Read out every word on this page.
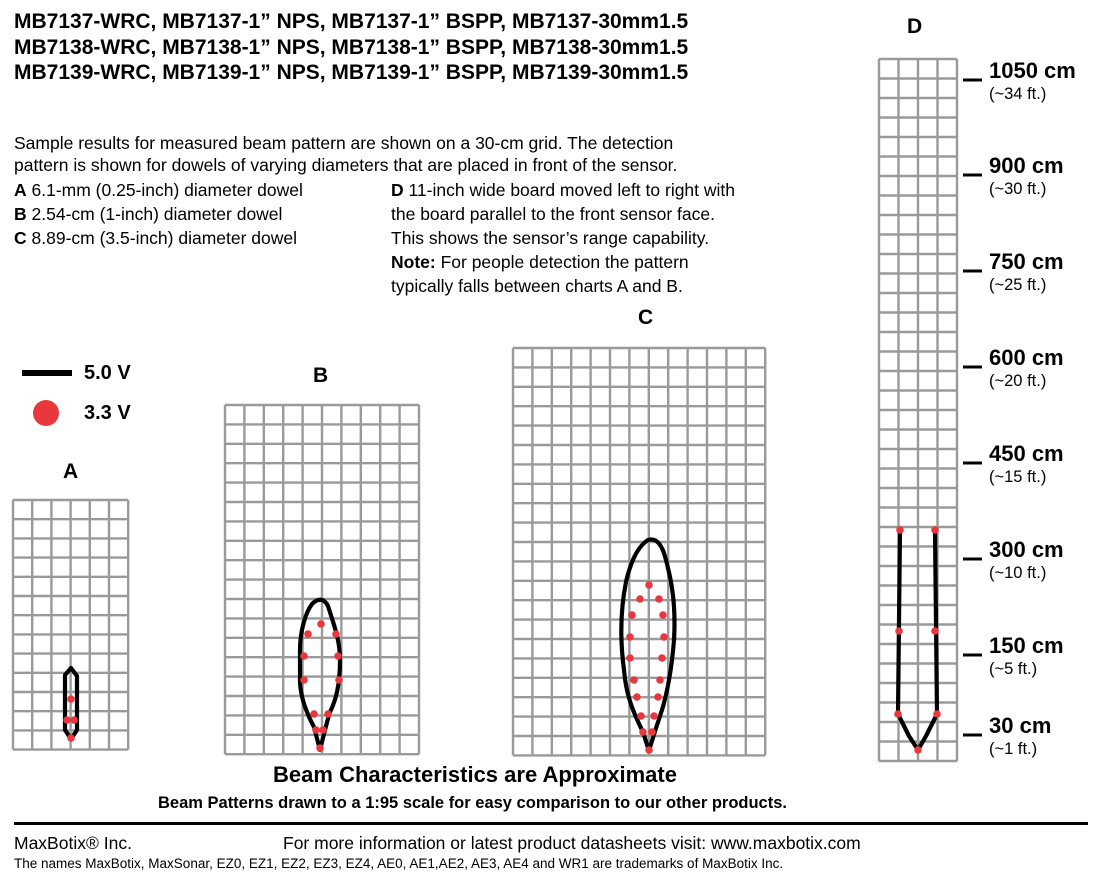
MB7137-WRC, MB7137-1” NPS, MB7137-1” BSPP, MB7137-30mm1.5
MB7138-WRC, MB7138-1” NPS, MB7138-1” BSPP, MB7138-30mm1.5
MB7139-WRC, MB7139-1” NPS, MB7139-1” BSPP, MB7139-30mm1.5
Sample results for measured beam pattern are shown on a 30-cm grid. The detection
pattern is shown for dowels of varying diameters that are placed in front of the sensor.
A 6.1-mm (0.25-inch) diameter dowel
B 2.54-cm (1-inch) diameter dowel
C 8.89-cm (3.5-inch) diameter dowel
D 11-inch wide board moved left to right with
the board parallel to the front sensor face.
This shows the sensor’s range capability.
Note: For people detection the pattern
typically falls between charts A and B.
5.0 V
3.3 V
A
B
C
D
1050 cm
(~34 ft.)
900 cm
(~30 ft.)
750 cm
(~25 ft.)
600 cm
(~20 ft.)
450 cm
(~15 ft.)
300 cm
(~10 ft.)
150 cm
(~5 ft.)
30 cm
(~1 ft.)
Beam Characteristics are Approximate
Beam Patterns drawn to a 1:95 scale for easy comparison to our other products.
MaxBotix® Inc.	For more information or latest product datasheets visit: www.maxbotix.com
The names MaxBotix, MaxSonar, EZ0, EZ1, EZ2, EZ3, EZ4, AE0, AE1,AE2, AE3, AE4 and WR1 are trademarks of MaxBotix Inc.
